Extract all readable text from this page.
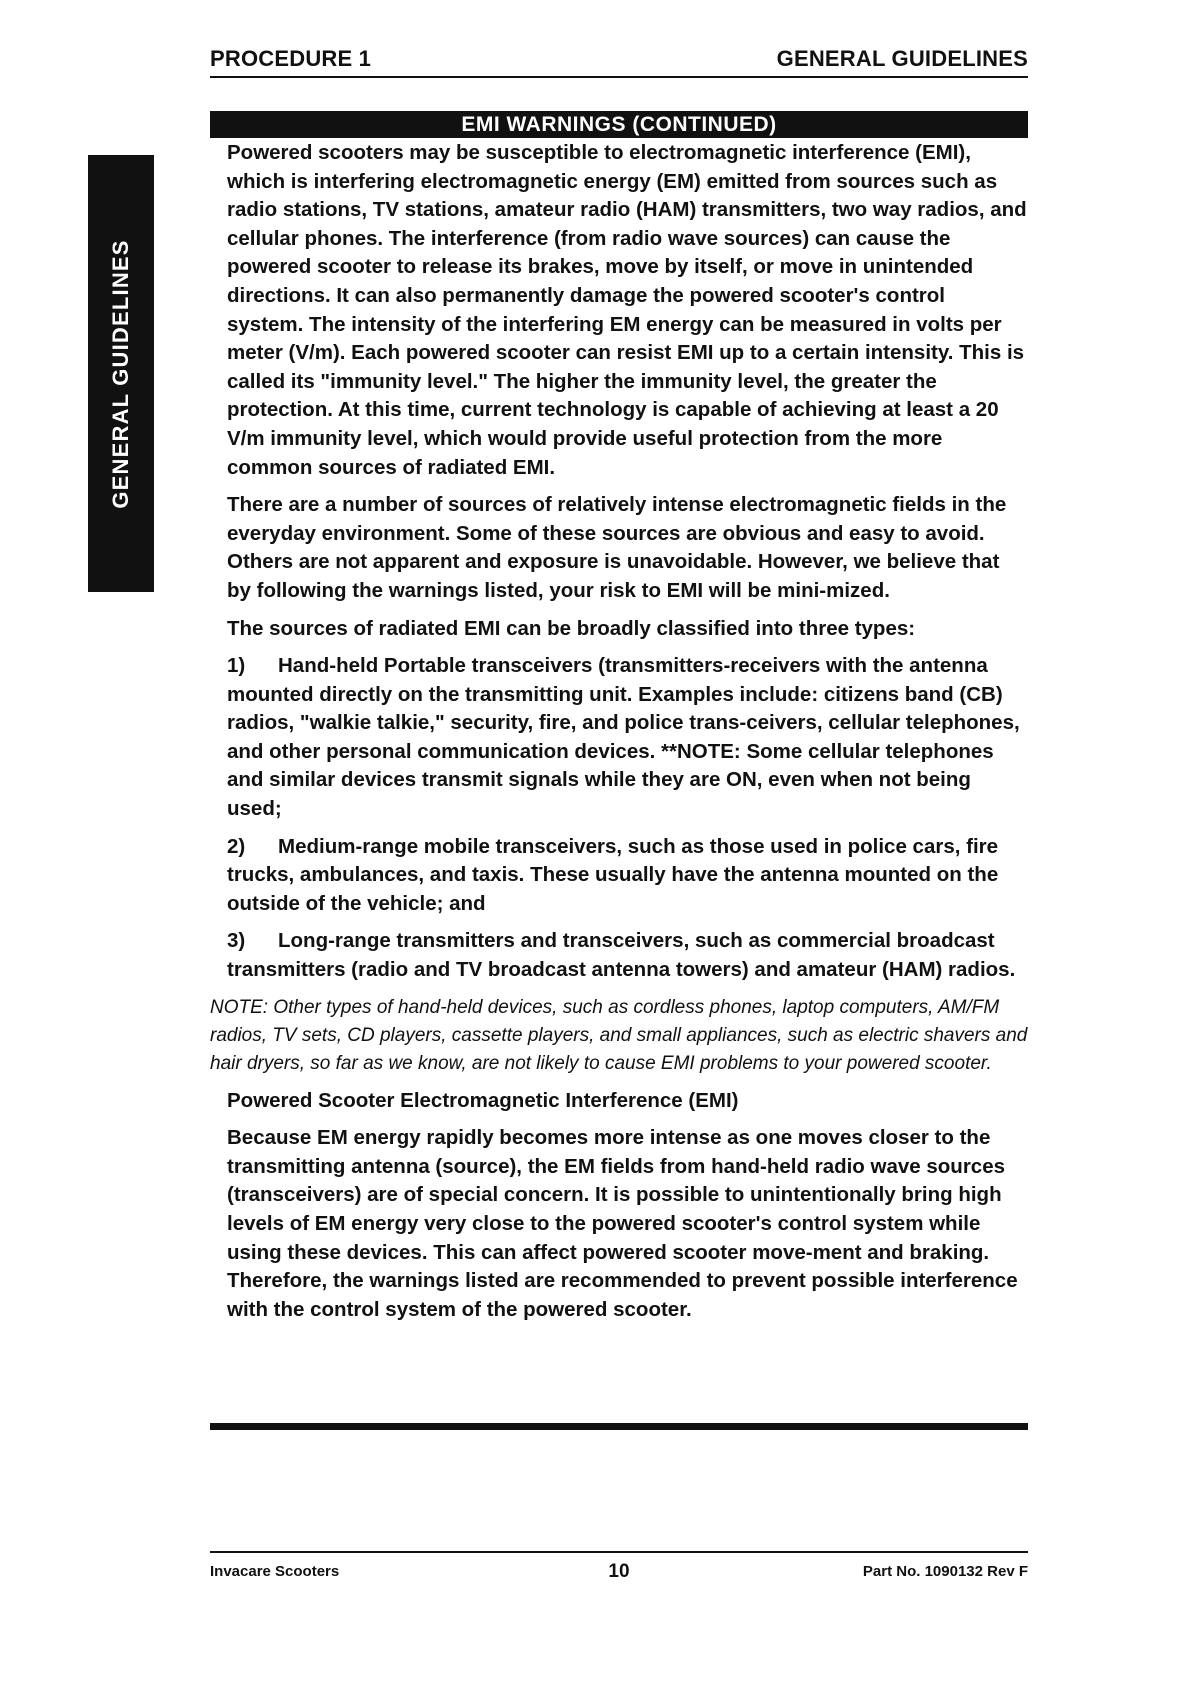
PROCEDURE 1	GENERAL GUIDELINES
GENERAL GUIDELINES
EMI WARNINGS (CONTINUED)

Powered scooters may be susceptible to electromagnetic interference (EMI), which is interfering electromagnetic energy (EM) emitted from sources such as radio stations, TV stations, amateur radio (HAM) transmitters, two way radios, and cellular phones. The interference (from radio wave sources) can cause the powered scooter to release its brakes, move by itself, or move in unintended directions. It can also permanently damage the powered scooter's control system. The intensity of the interfering EM energy can be measured in volts per meter (V/m). Each powered scooter can resist EMI up to a certain intensity. This is called its "immunity level." The higher the immunity level, the greater the protection. At this time, current technology is capable of achieving at least a 20 V/m immunity level, which would provide useful protection from the more common sources of radiated EMI.

There are a number of sources of relatively intense electromagnetic fields in the everyday environment. Some of these sources are obvious and easy to avoid. Others are not apparent and exposure is unavoidable. However, we believe that by following the warnings listed, your risk to EMI will be mini-mized.

The sources of radiated EMI can be broadly classified into three types:

1) Hand-held Portable transceivers (transmitters-receivers with the antenna mounted directly on the transmitting unit. Examples include: citizens band (CB) radios, "walkie talkie," security, fire, and police trans-ceivers, cellular telephones, and other personal communication devices. **NOTE: Some cellular telephones and similar devices transmit signals while they are ON, even when not being used;

2) Medium-range mobile transceivers, such as those used in police cars, fire trucks, ambulances, and taxis. These usually have the antenna mounted on the outside of the vehicle; and

3) Long-range transmitters and transceivers, such as commercial broadcast transmitters (radio and TV broadcast antenna towers) and amateur (HAM) radios.

NOTE: Other types of hand-held devices, such as cordless phones, laptop computers, AM/FM radios, TV sets, CD players, cassette players, and small appliances, such as electric shavers and hair dryers, so far as we know, are not likely to cause EMI problems to your powered scooter.

Powered Scooter Electromagnetic Interference (EMI)

Because EM energy rapidly becomes more intense as one moves closer to the transmitting antenna (source), the EM fields from hand-held radio wave sources (transceivers) are of special concern. It is possible to unintentionally bring high levels of EM energy very close to the powered scooter's control system while using these devices. This can affect powered scooter move-ment and braking. Therefore, the warnings listed are recommended to prevent possible interference with the control system of the powered scooter.

Invacare Scooters	10	Part No. 1090132 Rev F
